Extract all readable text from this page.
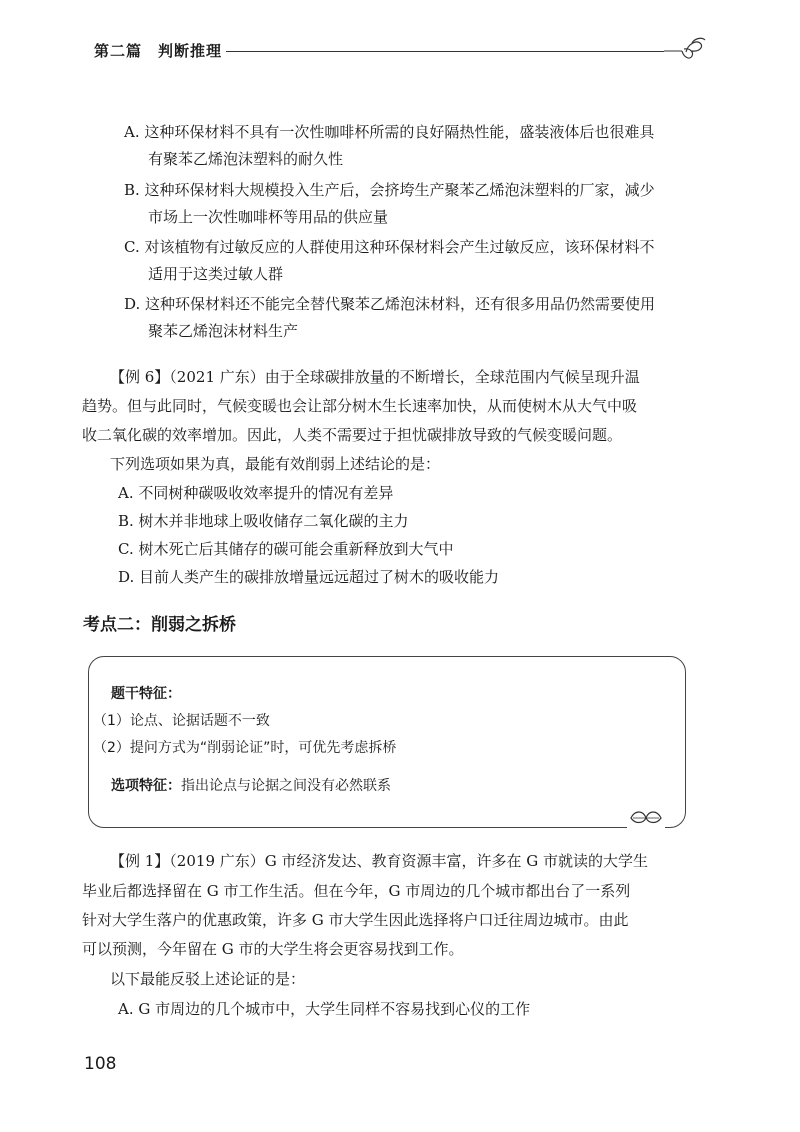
第二篇　判断推理
A. 这种环保材料不具有一次性咖啡杯所需的良好隔热性能，盛装液体后也很难具
有聚苯乙烯泡沫塑料的耐久性
B. 这种环保材料大规模投入生产后，会挤垮生产聚苯乙烯泡沫塑料的厂家，减少
市场上一次性咖啡杯等用品的供应量
C. 对该植物有过敏反应的人群使用这种环保材料会产生过敏反应，该环保材料不
适用于这类过敏人群
D. 这种环保材料还不能完全替代聚苯乙烯泡沫材料，还有很多用品仍然需要使用
聚苯乙烯泡沫材料生产
【例 6】（2021 广东）由于全球碳排放量的不断增长，全球范围内气候呈现升温
趋势。但与此同时，气候变暖也会让部分树木生长速率加快，从而使树木从大气中吸
收二氧化碳的效率增加。因此，人类不需要过于担忧碳排放导致的气候变暖问题。
下列选项如果为真，最能有效削弱上述结论的是：
A. 不同树种碳吸收效率提升的情况有差异
B. 树木并非地球上吸收储存二氧化碳的主力
C. 树木死亡后其储存的碳可能会重新释放到大气中
D. 目前人类产生的碳排放增量远远超过了树木的吸收能力
考点二：削弱之拆桥
题干特征：
（1）论点、论据话题不一致
（2）提问方式为“削弱论证”时，可优先考虑拆桥
选项特征：指出论点与论据之间没有必然联系
【例 1】（2019 广东）G 市经济发达、教育资源丰富，许多在 G 市就读的大学生
毕业后都选择留在 G 市工作生活。但在今年，G 市周边的几个城市都出台了一系列
针对大学生落户的优惠政策，许多 G 市大学生因此选择将户口迁往周边城市。由此
可以预测，今年留在 G 市的大学生将会更容易找到工作。
以下最能反驳上述论证的是：
A. G 市周边的几个城市中，大学生同样不容易找到心仪的工作
108
